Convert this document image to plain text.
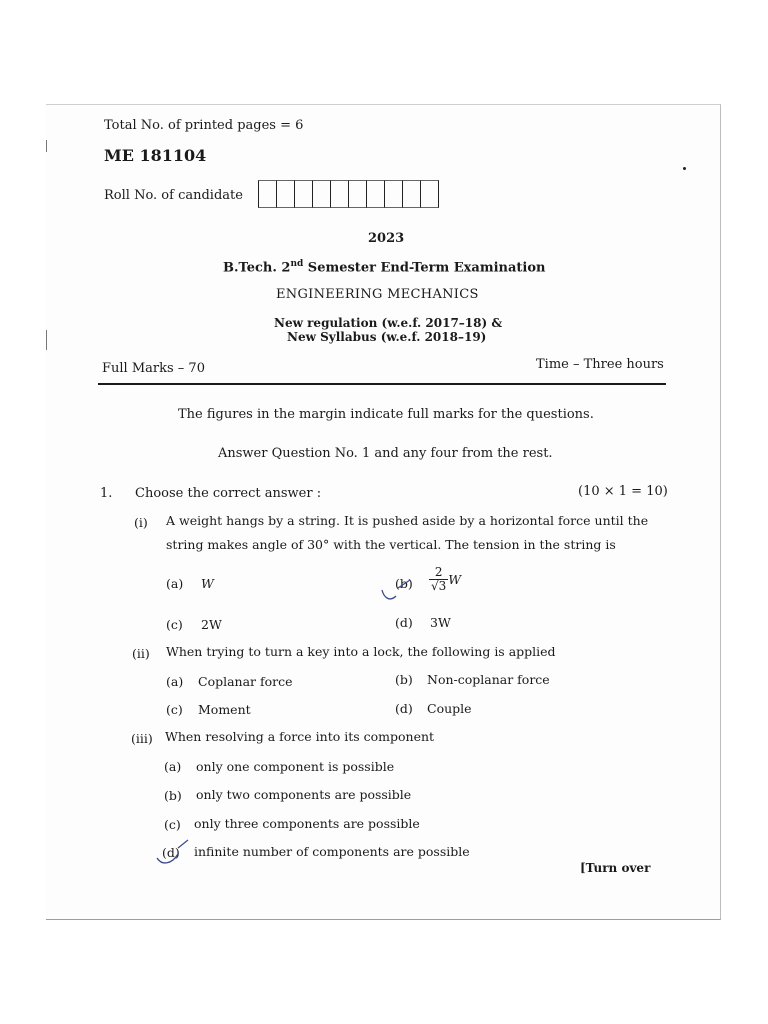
Total No. of printed pages = 6
ME 181104
Roll No. of candidate
2023
B.Tech. 2nd Semester End-Term Examination
ENGINEERING MECHANICS
New regulation (w.e.f. 2017–18) &
New Syllabus (w.e.f. 2018–19)
Full Marks – 70	Time – Three hours
The figures in the margin indicate full marks for the questions.
Answer Question No. 1 and any four from the rest.
1. Choose the correct answer :	(10 × 1 = 10)
(i) A weight hangs by a string. It is pushed aside by a horizontal force until the
string makes angle of 30° with the vertical. The tension in the string is
(a) W	$(b) \frac{2}{√3}$ W
(c) 2W	(d) 3W
(ii) When trying to turn a key into a lock, the following is applied
(a) Coplanar force	(b) Non-coplanar force
(c) Moment	(d) Couple
(iii) When resolving a force into its component
(a) only one component is possible
(b) only two components are possible
(c) only three components are possible
(d) infinite number of components are possible
[Turn over
